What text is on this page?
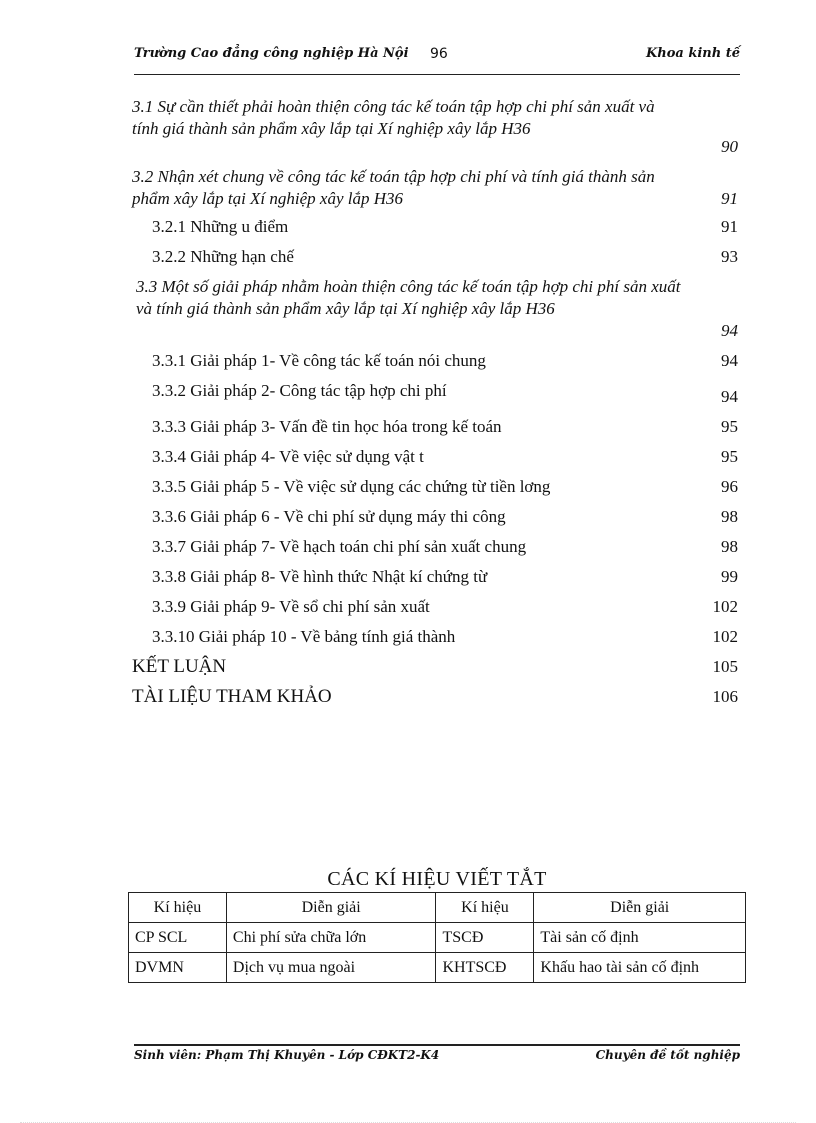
Trường Cao đẳng công nghiệp Hà Nội 96	Khoa kinh tế
3.1 Sự cần thiết phải hoàn thiện công tác kế toán tập hợp chi phí sản xuất và tính giá thành sản phẩm xây lắp tại Xí nghiệp xây lắp H36
90
3.2 Nhận xét chung về công tác kế toán tập hợp chi phí và tính giá thành sản phẩm xây lắp tại Xí nghiệp xây lắp H36	91
3.2.1 Những u điểm	91
3.2.2 Những hạn chế	93
3.3 Một số giải pháp nhằm hoàn thiện công tác kế toán tập hợp chi phí sản xuất và tính giá thành sản phẩm xây lắp tại Xí nghiệp xây lắp H36
94
3.3.1 Giải pháp 1- Về công tác kế toán nói chung	94
3.3.2 Giải pháp 2- Công tác tập hợp chi phí	94
3.3.3 Giải pháp 3- Vấn đề tin học hóa trong kế toán	95
3.3.4 Giải pháp 4- Về việc sử dụng vật t	95
3.3.5 Giải pháp 5 - Về việc sử dụng các chứng từ tiền lơng	96
3.3.6 Giải pháp 6 - Về chi phí sử dụng máy thi công	98
3.3.7 Giải pháp 7- Về hạch toán chi phí sản xuất chung	98
3.3.8 Giải pháp 8- Về hình thức Nhật kí chứng từ	99
3.3.9 Giải pháp 9- Về sổ chi phí sản xuất	102
3.3.10 Giải pháp 10 - Về bảng tính giá thành	102
KẾT LUẬN	105
TÀI LIỆU THAM KHẢO	106
CÁC KÍ HIỆU VIẾT TẮT
Kí hiệu	Diễn giải	Kí hiệu	Diễn giải
CP SCL	Chi phí sửa chữa lớn	TSCĐ	Tài sản cố định
DVMN	Dịch vụ mua ngoài	KHTSCĐ	Khấu hao tài sản cố định
Sinh viên: Phạm Thị Khuyên - Lớp CĐKT2-K4	Chuyên đề tốt nghiệp
